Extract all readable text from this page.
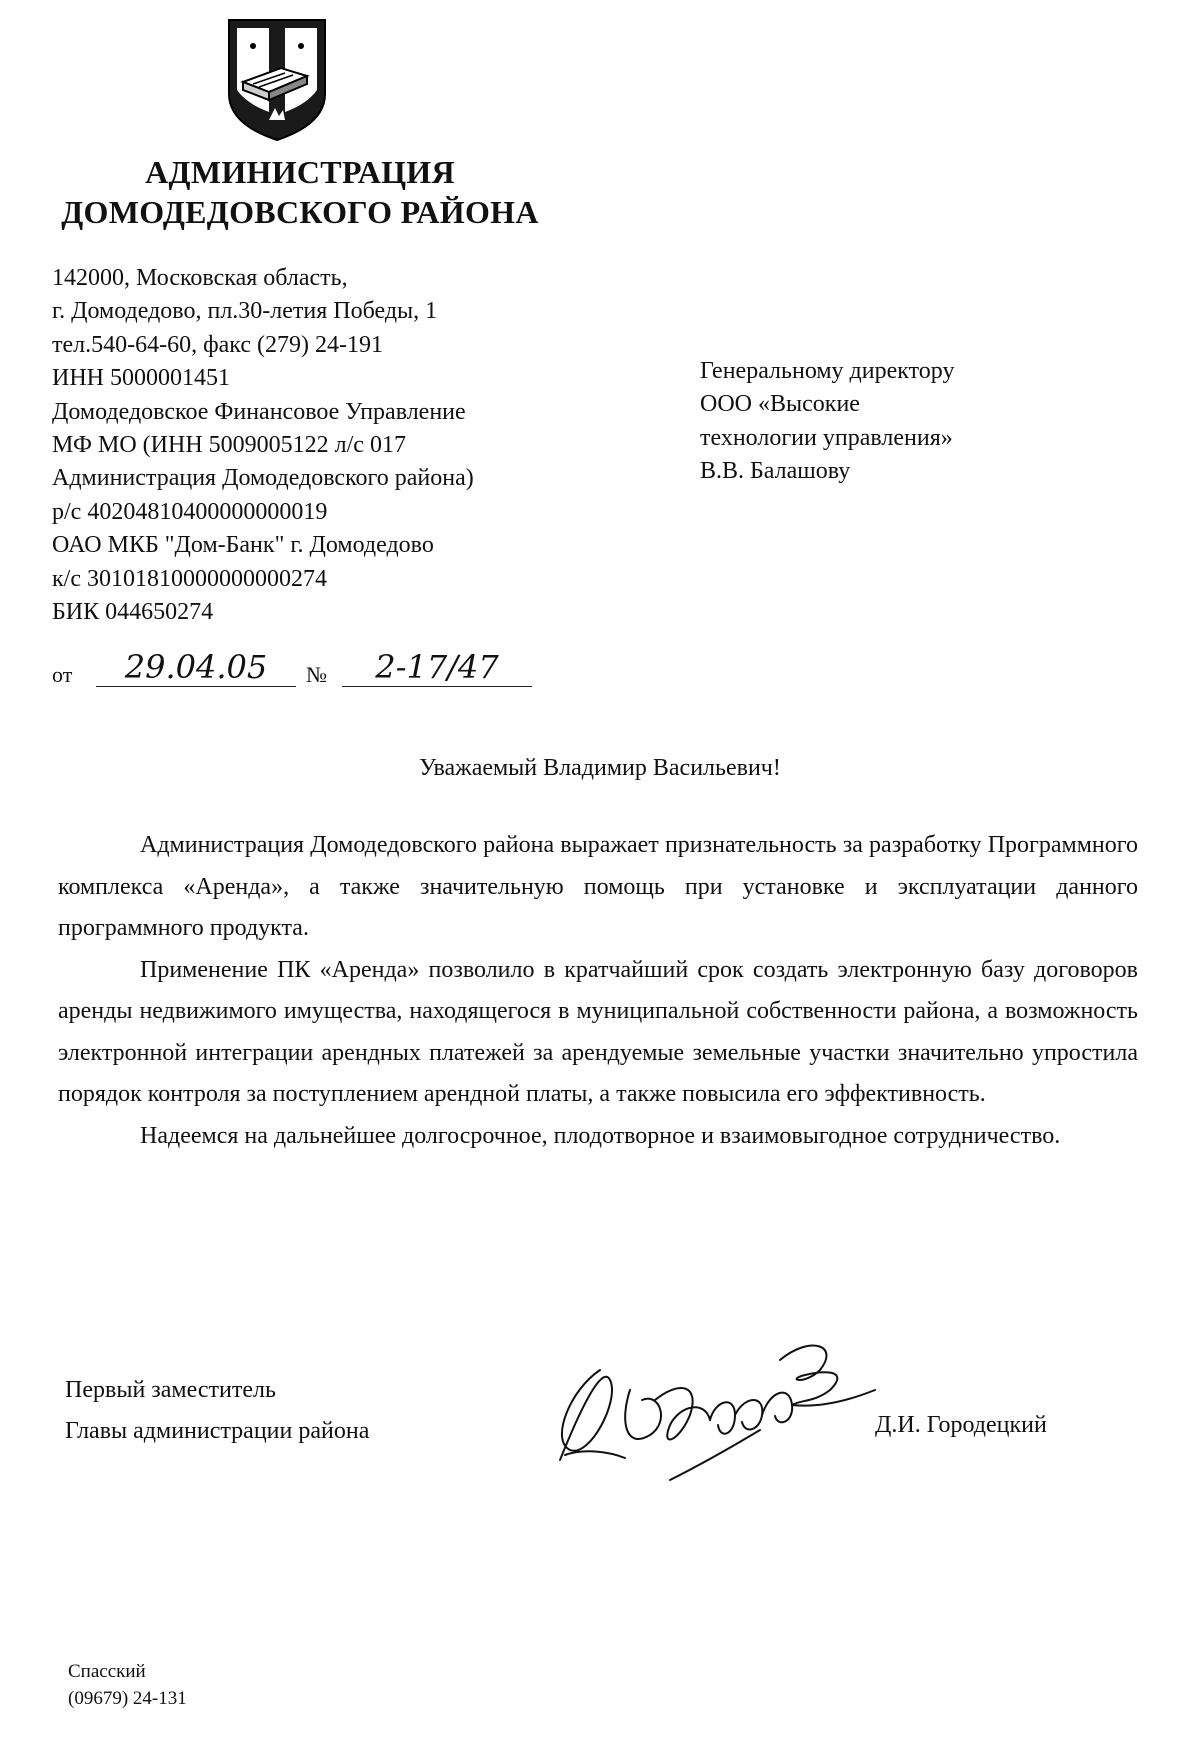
АДМИНИСТРАЦИЯ
ДОМОДЕДОВСКОГО РАЙОНА
142000, Московская область,
г. Домодедово, пл.30-летия Победы, 1
тел.540-64-60, факс (279) 24-191
ИНН 5000001451
Домодедовское Финансовое Управление
МФ МО (ИНН 5009005122 л/с 017
Администрация Домодедовского района)
р/с 40204810400000000019
ОАО МКБ "Дом-Банк" г. Домодедово
к/с 30101810000000000274
БИК 044650274
Генеральному директору
ООО «Высокие
технологии управления»
В.В. Балашову
от	29.04.05	№	2-17/47
Уважаемый Владимир Васильевич!

Администрация Домодедовского района выражает признательность за разработку Программного комплекса «Аренда», а также значительную помощь при установке и эксплуатации данного программного продукта.

Применение ПК «Аренда» позволило в кратчайший срок создать электронную базу договоров аренды недвижимого имущества, находящегося в муниципальной собственности района, а возможность электронной интеграции арендных платежей за арендуемые земельные участки значительно упростила порядок контроля за поступлением арендной платы, а также повысила его эффективность.

Надеемся на дальнейшее долгосрочное, плодотворное и взаимовыгодное сотрудничество.

Первый заместитель
Главы администрации района	Д.И. Городецкий
Спасский
(09679) 24-131
